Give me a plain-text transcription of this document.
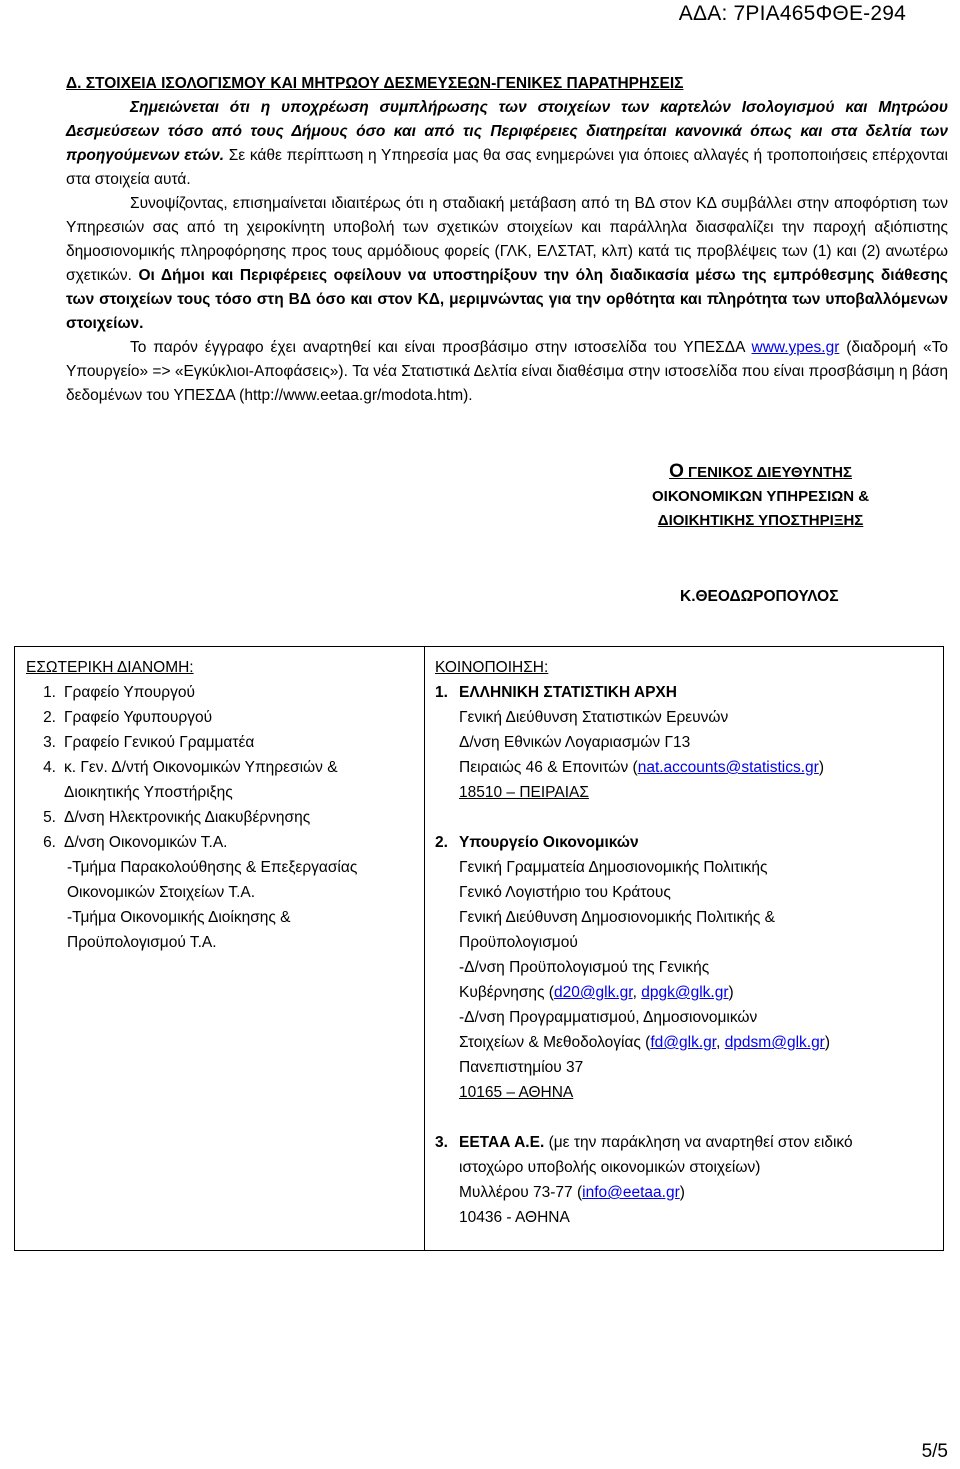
ΑΔΑ: 7ΡΙΑ465ΦΘΕ-294

Δ. ΣΤΟΙΧΕΙΑ ΙΣΟΛΟΓΙΣΜΟΥ ΚΑΙ ΜΗΤΡΩΟΥ ΔΕΣΜΕΥΣΕΩΝ-ΓΕΝΙΚΕΣ ΠΑΡΑΤΗΡΗΣΕΙΣ

Σημειώνεται ότι η υποχρέωση συμπλήρωσης των στοιχείων των καρτελών Ισολογισμού και Μητρώου Δεσμεύσεων τόσο από τους Δήμους όσο και από τις Περιφέρειες διατηρείται κανονικά όπως και στα δελτία των προηγούμενων ετών. Σε κάθε περίπτωση η Υπηρεσία μας θα σας ενημερώνει για όποιες αλλαγές ή τροποποιήσεις επέρχονται στα στοιχεία αυτά.

Συνοψίζοντας, επισημαίνεται ιδιαιτέρως ότι η σταδιακή μετάβαση από τη ΒΔ στον ΚΔ συμβάλλει στην αποφόρτιση των Υπηρεσιών σας από τη χειροκίνητη υποβολή των σχετικών στοιχείων και παράλληλα διασφαλίζει την παροχή αξιόπιστης δημοσιονομικής πληροφόρησης προς τους αρμόδιους φορείς (ΓΛΚ, ΕΛΣΤΑΤ, κλπ) κατά τις προβλέψεις των (1) και (2) ανωτέρω σχετικών. Οι Δήμοι και Περιφέρειες οφείλουν να υποστηρίξουν την όλη διαδικασία μέσω της εμπρόθεσμης διάθεσης των στοιχείων τους τόσο στη ΒΔ όσο και στον ΚΔ, μεριμνώντας για την ορθότητα και πληρότητα των υποβαλλόμενων στοιχείων.

Το παρόν έγγραφο έχει αναρτηθεί και είναι προσβάσιμο στην ιστοσελίδα του ΥΠΕΣΔΑ www.ypes.gr (διαδρομή «Το Υπουργείο» => «Εγκύκλιοι-Αποφάσεις»). Τα νέα Στατιστικά Δελτία είναι διαθέσιμα στην ιστοσελίδα που είναι προσβάσιμη η βάση δεδομένων του ΥΠΕΣΔΑ (http://www.eetaa.gr/modota.htm).

Ο ΓΕΝΙΚΟΣ ΔΙΕΥΘΥΝΤΗΣ
ΟΙΚΟΝΟΜΙΚΩΝ ΥΠΗΡΕΣΙΩΝ &
ΔΙΟΙΚΗΤΙΚΗΣ ΥΠΟΣΤΗΡΙΞΗΣ
Κ.ΘΕΟΔΩΡΟΠΟΥΛΟΣ
ΕΣΩΤΕΡΙΚΗ ΔΙΑΝΟΜΗ:
1. Γραφείο Υπουργού
2. Γραφείο Υφυπουργού
3. Γραφείο Γενικού Γραμματέα
4. κ. Γεν. Δ/ντή Οικονομικών Υπηρεσιών &
Διοικητικής Υποστήριξης
5. Δ/νση Ηλεκτρονικής Διακυβέρνησης
6. Δ/νση Οικονομικών Τ.Α.
-Τμήμα Παρακολούθησης & Επεξεργασίας
Οικονομικών Στοιχείων Τ.Α.
-Τμήμα Οικονομικής Διοίκησης &
Προϋπολογισμού Τ.Α.

ΚΟΙΝΟΠΟΙΗΣΗ:
1. ΕΛΛΗΝΙΚΗ ΣΤΑΤΙΣΤΙΚΗ ΑΡΧΗ
Γενική Διεύθυνση Στατιστικών Ερευνών
Δ/νση Εθνικών Λογαριασμών Γ13
Πειραιώς 46 & Επονιτών (nat.accounts@statistics.gr)
18510 – ΠΕΙΡΑΙΑΣ
2. Υπουργείο Οικονομικών
Γενική Γραμματεία Δημοσιονομικής Πολιτικής
Γενικό Λογιστήριο του Κράτους
Γενική Διεύθυνση Δημοσιονομικής Πολιτικής &
Προϋπολογισμού
-Δ/νση Προϋπολογισμού της Γενικής
Κυβέρνησης (d20@glk.gr, dpgk@glk.gr)
-Δ/νση Προγραμματισμού, Δημοσιονομικών
Στοιχείων & Μεθοδολογίας (fd@glk.gr, dpdsm@glk.gr)
Πανεπιστημίου 37
10165 – ΑΘΗΝΑ
3. ΕΕΤΑΑ Α.Ε. (με την παράκληση να αναρτηθεί στον ειδικό
ιστοχώρο υποβολής οικονομικών στοιχείων)
Μυλλέρου 73-77 (info@eetaa.gr)
10436 - ΑΘΗΝΑ
5/5
